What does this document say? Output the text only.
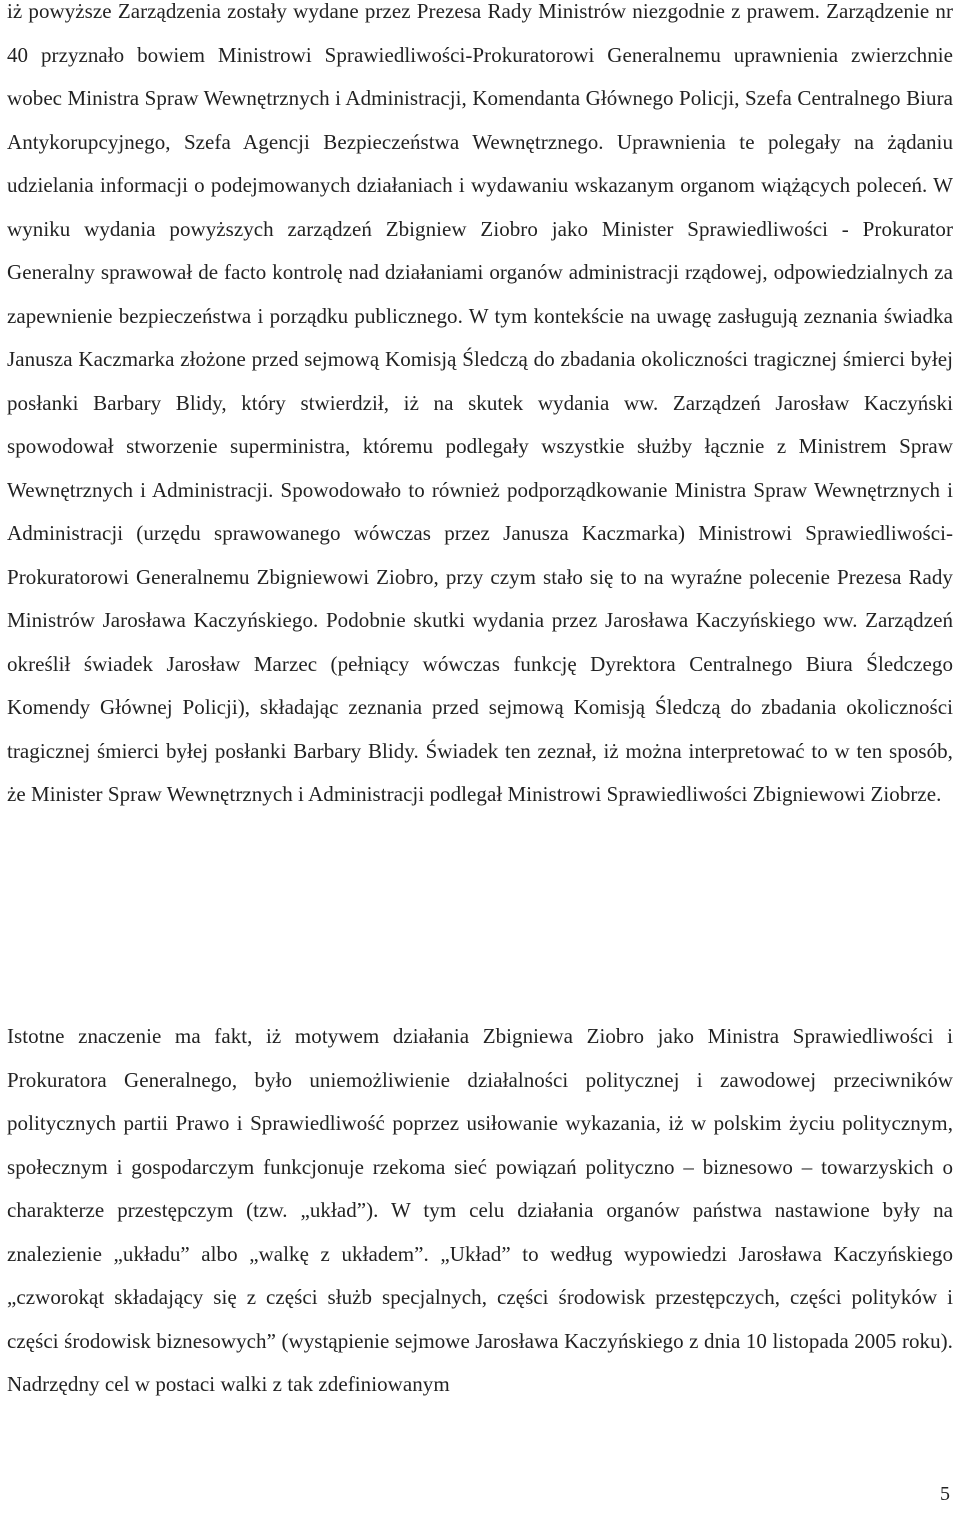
iż powyższe Zarządzenia zostały wydane przez Prezesa Rady Ministrów niezgodnie z prawem. Zarządzenie nr 40 przyznało bowiem Ministrowi Sprawiedliwości-Prokuratorowi Generalnemu uprawnienia zwierzchnie wobec Ministra Spraw Wewnętrznych i Administracji, Komendanta Głównego Policji, Szefa Centralnego Biura Antykorupcyjnego, Szefa Agencji Bezpieczeństwa Wewnętrznego. Uprawnienia te polegały na żądaniu udzielania informacji o podejmowanych działaniach i wydawaniu wskazanym organom wiążących poleceń. W wyniku wydania powyższych zarządzeń Zbigniew Ziobro jako Minister Sprawiedliwości - Prokurator Generalny sprawował de facto kontrolę nad działaniami organów administracji rządowej, odpowiedzialnych za zapewnienie bezpieczeństwa i porządku publicznego. W tym kontekście na uwagę zasługują zeznania świadka Janusza Kaczmarka złożone przed sejmową Komisją Śledczą do zbadania okoliczności tragicznej śmierci byłej posłanki Barbary Blidy, który stwierdził, iż na skutek wydania ww. Zarządzeń Jarosław Kaczyński spowodował stworzenie superministra, któremu podlegały wszystkie służby łącznie z Ministrem Spraw Wewnętrznych i Administracji. Spowodowało to również podporządkowanie Ministra Spraw Wewnętrznych i Administracji (urzędu sprawowanego wówczas przez Janusza Kaczmarka) Ministrowi Sprawiedliwości-Prokuratorowi Generalnemu Zbigniewowi Ziobro, przy czym stało się to na wyraźne polecenie Prezesa Rady Ministrów Jarosława Kaczyńskiego. Podobnie skutki wydania przez Jarosława Kaczyńskiego ww. Zarządzeń określił świadek Jarosław Marzec (pełniący wówczas funkcję Dyrektora Centralnego Biura Śledczego Komendy Głównej Policji), składając zeznania przed sejmową Komisją Śledczą do zbadania okoliczności tragicznej śmierci byłej posłanki Barbary Blidy. Świadek ten zeznał, iż można interpretować to w ten sposób, że Minister Spraw Wewnętrznych i Administracji podlegał Ministrowi Sprawiedliwości Zbigniewowi Ziobrze.

Istotne znaczenie ma fakt, iż motywem działania Zbigniewa Ziobro jako Ministra Sprawiedliwości i Prokuratora Generalnego, było uniemożliwienie działalności politycznej i zawodowej przeciwników politycznych partii Prawo i Sprawiedliwość poprzez usiłowanie wykazania, iż w polskim życiu politycznym, społecznym i gospodarczym funkcjonuje rzekoma sieć powiązań polityczno – biznesowo – towarzyskich o charakterze przestępczym (tzw. „układ”). W tym celu działania organów państwa nastawione były na znalezienie „układu” albo „walkę z układem”. „Układ” to według wypowiedzi Jarosława Kaczyńskiego „czworokąt składający się z części służb specjalnych, części środowisk przestępczych, części polityków i części środowisk biznesowych” (wystąpienie sejmowe Jarosława Kaczyńskiego z dnia 10 listopada 2005 roku). Nadrzędny cel w postaci walki z tak zdefiniowanym

5
